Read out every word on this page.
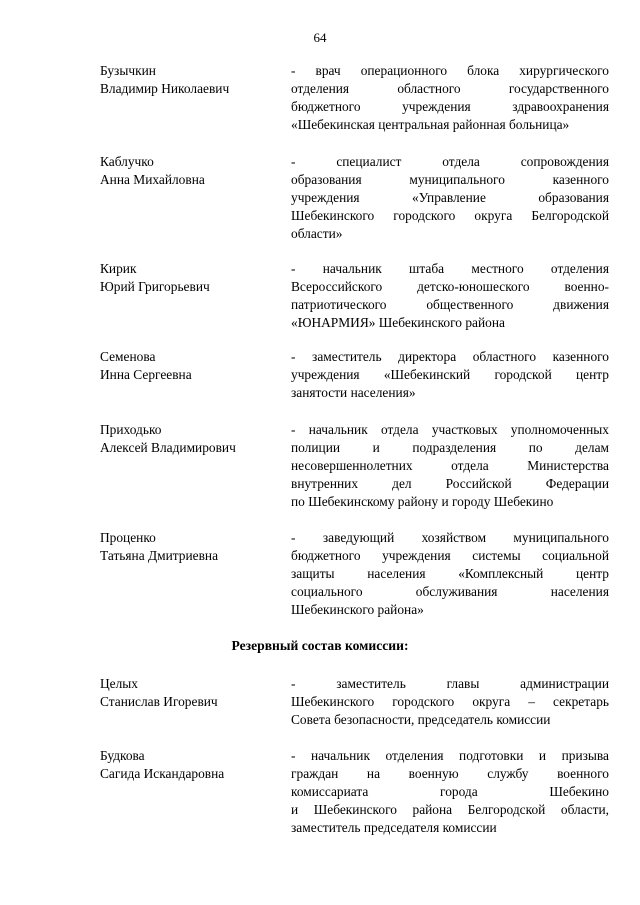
64
Бузычкин
Владимир Николаевич
- врач операционного блока хирургического
отделения областного государственного
бюджетного учреждения здравоохранения
«Шебекинская центральная районная больница»
Каблучко
Анна Михайловна
- специалист отдела сопровождения
образования муниципального казенного
учреждения «Управление образования
Шебекинского городского округа Белгородской
области»
Кирик
Юрий Григорьевич
- начальник штаба местного отделения
Всероссийского детско-юношеского военно-
патриотического общественного движения
«ЮНАРМИЯ» Шебекинского района
Семенова
Инна Сергеевна
- заместитель директора областного казенного
учреждения «Шебекинский городской центр
занятости населения»
Приходько
Алексей Владимирович
- начальник отдела участковых уполномоченных
полиции и подразделения по делам
несовершеннолетних отдела Министерства
внутренних дел Российской Федерации
по Шебекинскому району и городу Шебекино
Проценко
Татьяна Дмитриевна
- заведующий хозяйством муниципального
бюджетного учреждения системы социальной
защиты населения «Комплексный центр
социального обслуживания населения
Шебекинского района»
Резервный состав комиссии:
Целых
Станислав Игоревич
- заместитель главы администрации
Шебекинского городского округа – секретарь
Совета безопасности, председатель комиссии
Будкова
Сагида Искандаровна
- начальник отделения подготовки и призыва
граждан на военную службу военного
комиссариата города Шебекино
и Шебекинского района Белгородской области,
заместитель председателя комиссии
